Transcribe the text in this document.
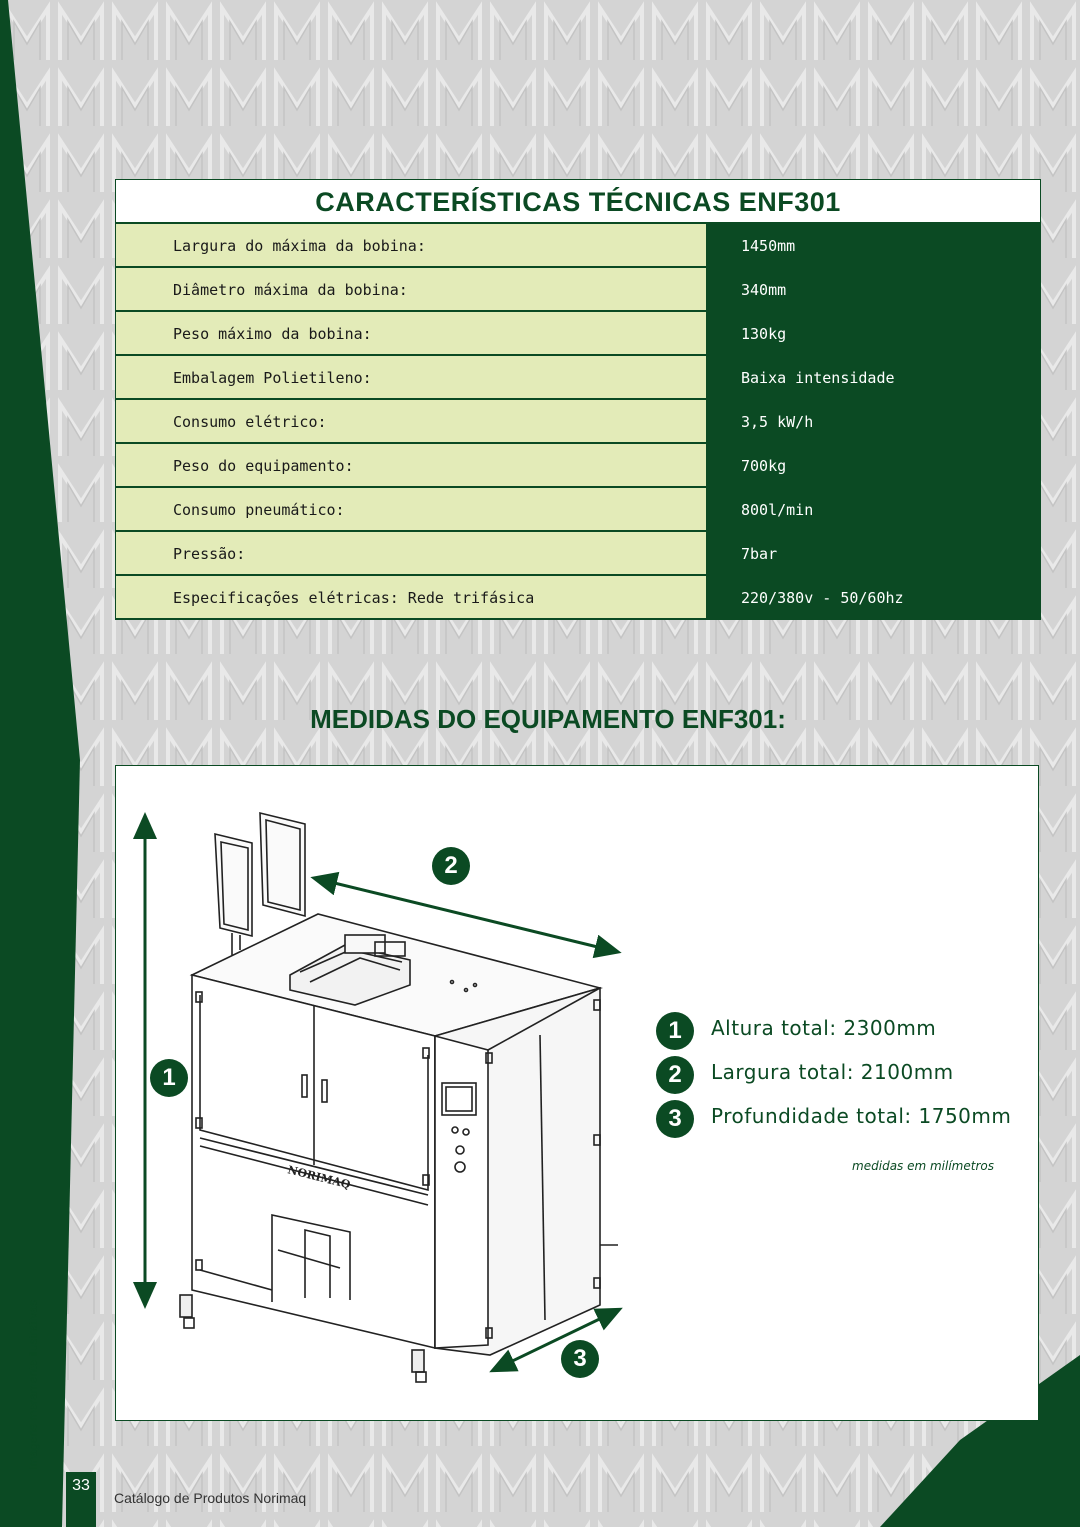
CARACTERÍSTICAS TÉCNICAS ENF301
Largura do máxima da bobina:	1450mm
Diâmetro máxima da bobina:	340mm
Peso máximo da bobina:	130kg
Embalagem Polietileno:	Baixa intensidade
Consumo elétrico:	3,5 kW/h
Peso do equipamento:	700kg
Consumo pneumático:	800l/min
Pressão:	7bar
Especificações elétricas: Rede trifásica	220/380v - 50/60hz
MEDIDAS DO EQUIPAMENTO ENF301:
NORIMAQ
1
2
3
1	Altura total: 2300mm
2	Largura total: 2100mm
3	Profundidade total: 1750mm
medidas em milímetros
Imagens meramente ilustrativas
33
Catálogo de Produtos Norimaq
